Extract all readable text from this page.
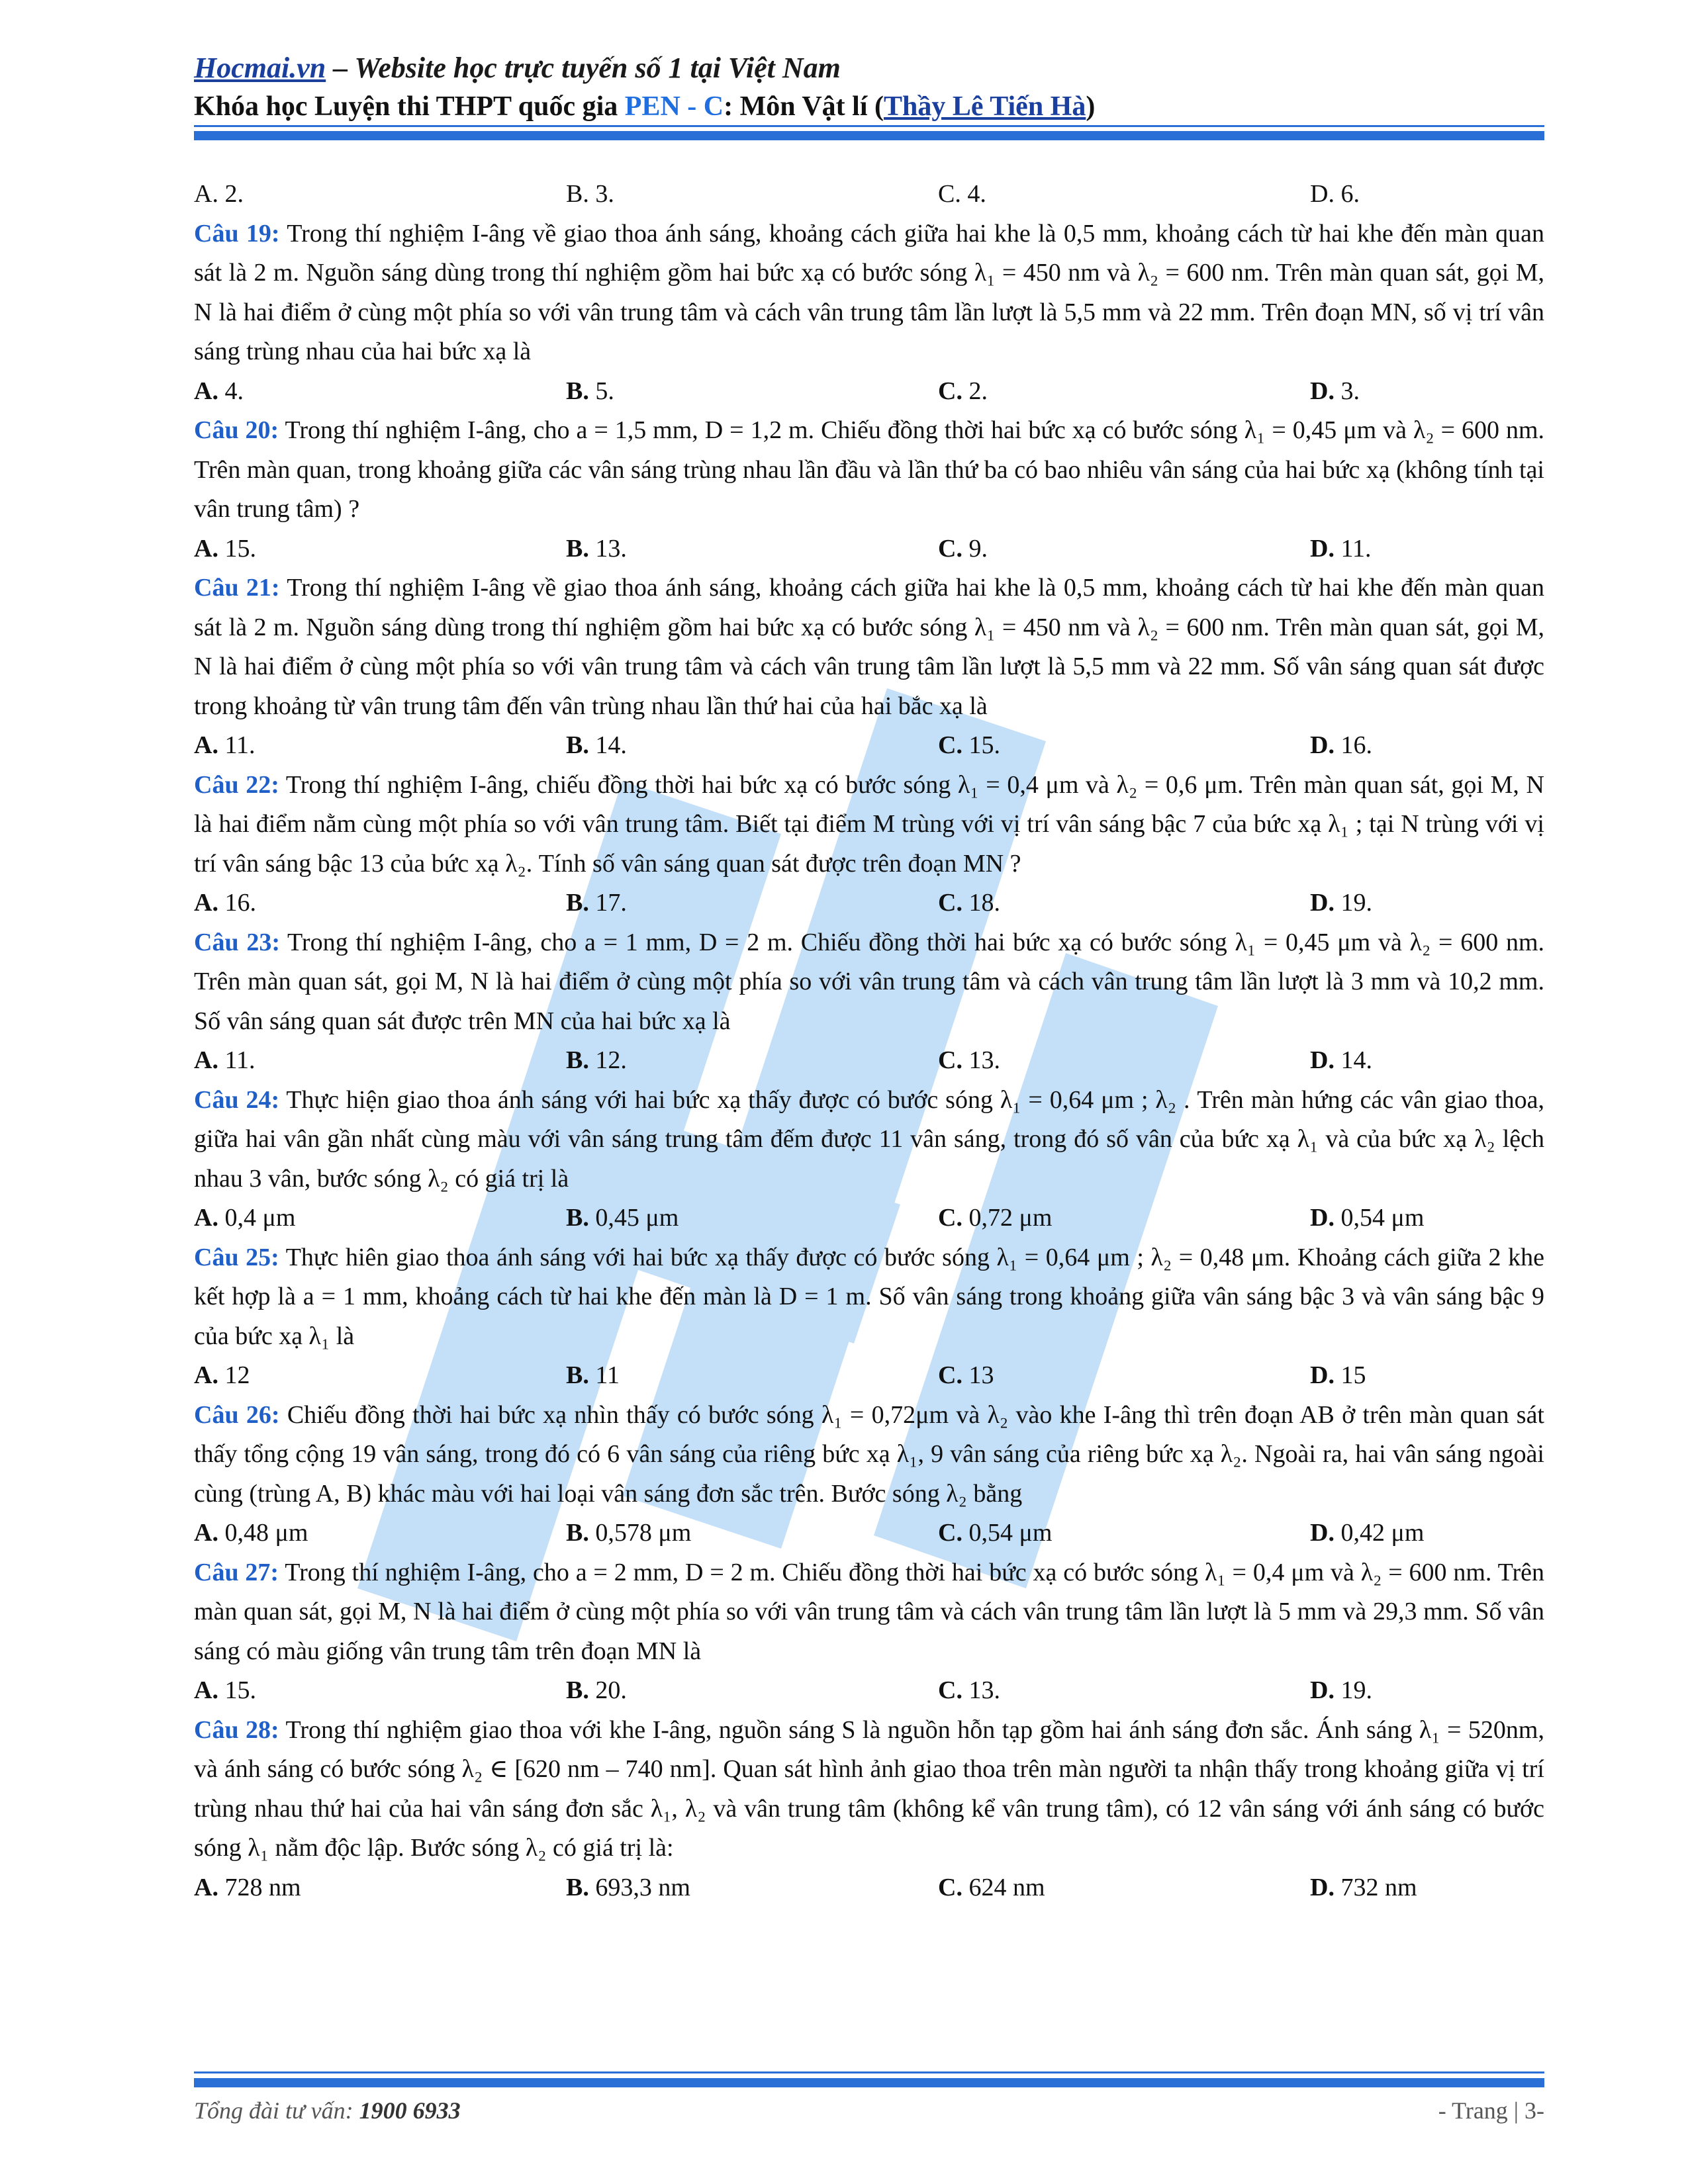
Hocmai.vn – Website học trực tuyến số 1 tại Việt Nam
Khóa học Luyện thi THPT quốc gia PEN - C: Môn Vật lí (Thầy Lê Tiến Hà)
A. 2.	B. 3.	C. 4.	D. 6.
Câu 19: Trong thí nghiệm I-âng về giao thoa ánh sáng, khoảng cách giữa hai khe là 0,5 mm, khoảng cách từ hai khe đến màn quan sát là 2 m. Nguồn sáng dùng trong thí nghiệm gồm hai bức xạ có bước sóng λ₁ = 450 nm và λ₂ = 600 nm. Trên màn quan sát, gọi M, N là hai điểm ở cùng một phía so với vân trung tâm và cách vân trung tâm lần lượt là 5,5 mm và 22 mm. Trên đoạn MN, số vị trí vân sáng trùng nhau của hai bức xạ là
A. 4.	B. 5.	C. 2.	D. 3.
Câu 20: Trong thí nghiệm I-âng, cho a = 1,5 mm, D = 1,2 m. Chiếu đồng thời hai bức xạ có bước sóng λ₁ = 0,45 μm và λ₂ = 600 nm. Trên màn quan, trong khoảng giữa các vân sáng trùng nhau lần đầu và lần thứ ba có bao nhiêu vân sáng của hai bức xạ (không tính tại vân trung tâm) ?
A. 15.	B. 13.	C. 9.	D. 11.
Câu 21: Trong thí nghiệm I-âng về giao thoa ánh sáng, khoảng cách giữa hai khe là 0,5 mm, khoảng cách từ hai khe đến màn quan sát là 2 m. Nguồn sáng dùng trong thí nghiệm gồm hai bức xạ có bước sóng λ₁ = 450 nm và λ₂ = 600 nm. Trên màn quan sát, gọi M, N là hai điểm ở cùng một phía so với vân trung tâm và cách vân trung tâm lần lượt là 5,5 mm và 22 mm. Số vân sáng quan sát được trong khoảng từ vân trung tâm đến vân trùng nhau lần thứ hai của hai bắc xạ là
A. 11.	B. 14.	C. 15.	D. 16.
Câu 22: Trong thí nghiệm I-âng, chiếu đồng thời hai bức xạ có bước sóng λ₁ = 0,4 μm và λ₂ = 0,6 μm. Trên màn quan sát, gọi M, N là hai điểm nằm cùng một phía so với vân trung tâm. Biết tại điểm M trùng với vị trí vân sáng bậc 7 của bức xạ λ₁ ; tại N trùng với vị trí vân sáng bậc 13 của bức xạ λ₂. Tính số vân sáng quan sát được trên đoạn MN ?
A. 16.	B. 17.	C. 18.	D. 19.
Câu 23: Trong thí nghiệm I-âng, cho a = 1 mm, D = 2 m. Chiếu đồng thời hai bức xạ có bước sóng λ₁ = 0,45 μm và λ₂ = 600 nm. Trên màn quan sát, gọi M, N là hai điểm ở cùng một phía so với vân trung tâm và cách vân trung tâm lần lượt là 3 mm và 10,2 mm. Số vân sáng quan sát được trên MN của hai bức xạ là
A. 11.	B. 12.	C. 13.	D. 14.
Câu 24: Thực hiện giao thoa ánh sáng với hai bức xạ thấy được có bước sóng λ₁ = 0,64 μm ; λ₂ . Trên màn hứng các vân giao thoa, giữa hai vân gần nhất cùng màu với vân sáng trung tâm đếm được 11 vân sáng, trong đó số vân của bức xạ λ₁ và của bức xạ λ₂ lệch nhau 3 vân, bước sóng λ₂ có giá trị là
A. 0,4 μm	B. 0,45 μm	C. 0,72 μm	D. 0,54 μm
Câu 25: Thực hiên giao thoa ánh sáng với hai bức xạ thấy được có bước sóng λ₁ = 0,64 μm ; λ₂ = 0,48 μm. Khoảng cách giữa 2 khe kết hợp là a = 1 mm, khoảng cách từ hai khe đến màn là D = 1 m. Số vân sáng trong khoảng giữa vân sáng bậc 3 và vân sáng bậc 9 của bức xạ λ₁ là
A. 12	B. 11	C. 13	D. 15
Câu 26: Chiếu đồng thời hai bức xạ nhìn thấy có bước sóng λ₁ = 0,72μm và λ₂ vào khe I-âng thì trên đoạn AB ở trên màn quan sát thấy tổng cộng 19 vân sáng, trong đó có 6 vân sáng của riêng bức xạ λ₁, 9 vân sáng của riêng bức xạ λ₂. Ngoài ra, hai vân sáng ngoài cùng (trùng A, B) khác màu với hai loại vân sáng đơn sắc trên. Bước sóng λ₂ bằng
A. 0,48 μm	B. 0,578 μm	C. 0,54 μm	D. 0,42 μm
Câu 27: Trong thí nghiệm I-âng, cho a = 2 mm, D = 2 m. Chiếu đồng thời hai bức xạ có bước sóng λ₁ = 0,4 μm và λ₂ = 600 nm. Trên màn quan sát, gọi M, N là hai điểm ở cùng một phía so với vân trung tâm và cách vân trung tâm lần lượt là 5 mm và 29,3 mm. Số vân sáng có màu giống vân trung tâm trên đoạn MN là
A. 15.	B. 20.	C. 13.	D. 19.
Câu 28: Trong thí nghiệm giao thoa với khe I-âng, nguồn sáng S là nguồn hỗn tạp gồm hai ánh sáng đơn sắc. Ánh sáng λ₁ = 520nm, và ánh sáng có bước sóng λ₂ ∈ [620 nm – 740 nm]. Quan sát hình ảnh giao thoa trên màn người ta nhận thấy trong khoảng giữa vị trí trùng nhau thứ hai của hai vân sáng đơn sắc λ₁, λ₂ và vân trung tâm (không kể vân trung tâm), có 12 vân sáng với ánh sáng có bước sóng λ₁ nằm độc lập. Bước sóng λ₂ có giá trị là:
A. 728 nm	B. 693,3 nm	C. 624 nm	D. 732 nm
Tổng đài tư vấn: 1900 6933	- Trang | 3-
